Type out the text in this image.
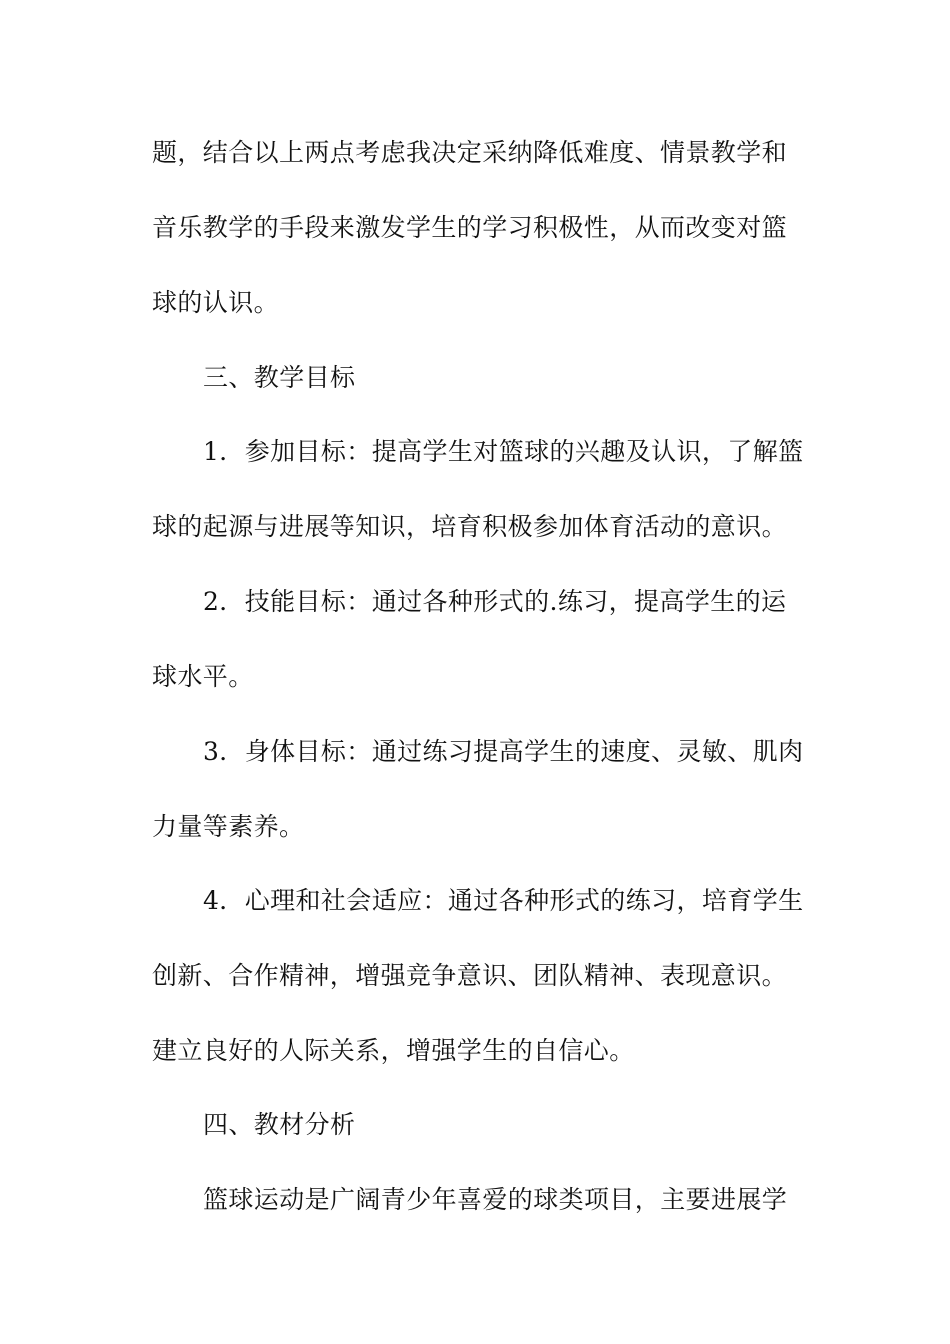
题，结合以上两点考虑我决定采纳降低难度、情景教学和
音乐教学的手段来激发学生的学习积极性，从而改变对篮
球的认识。
三、教学目标
1．参加目标：提高学生对篮球的兴趣及认识，了解篮
球的起源与进展等知识，培育积极参加体育活动的意识。
2．技能目标：通过各种形式的.练习，提高学生的运
球水平。
3．身体目标：通过练习提高学生的速度、灵敏、肌肉
力量等素养。
4．心理和社会适应：通过各种形式的练习，培育学生
创新、合作精神，增强竞争意识、团队精神、表现意识。
建立良好的人际关系，增强学生的自信心。
四、教材分析
篮球运动是广阔青少年喜爱的球类项目，主要进展学
